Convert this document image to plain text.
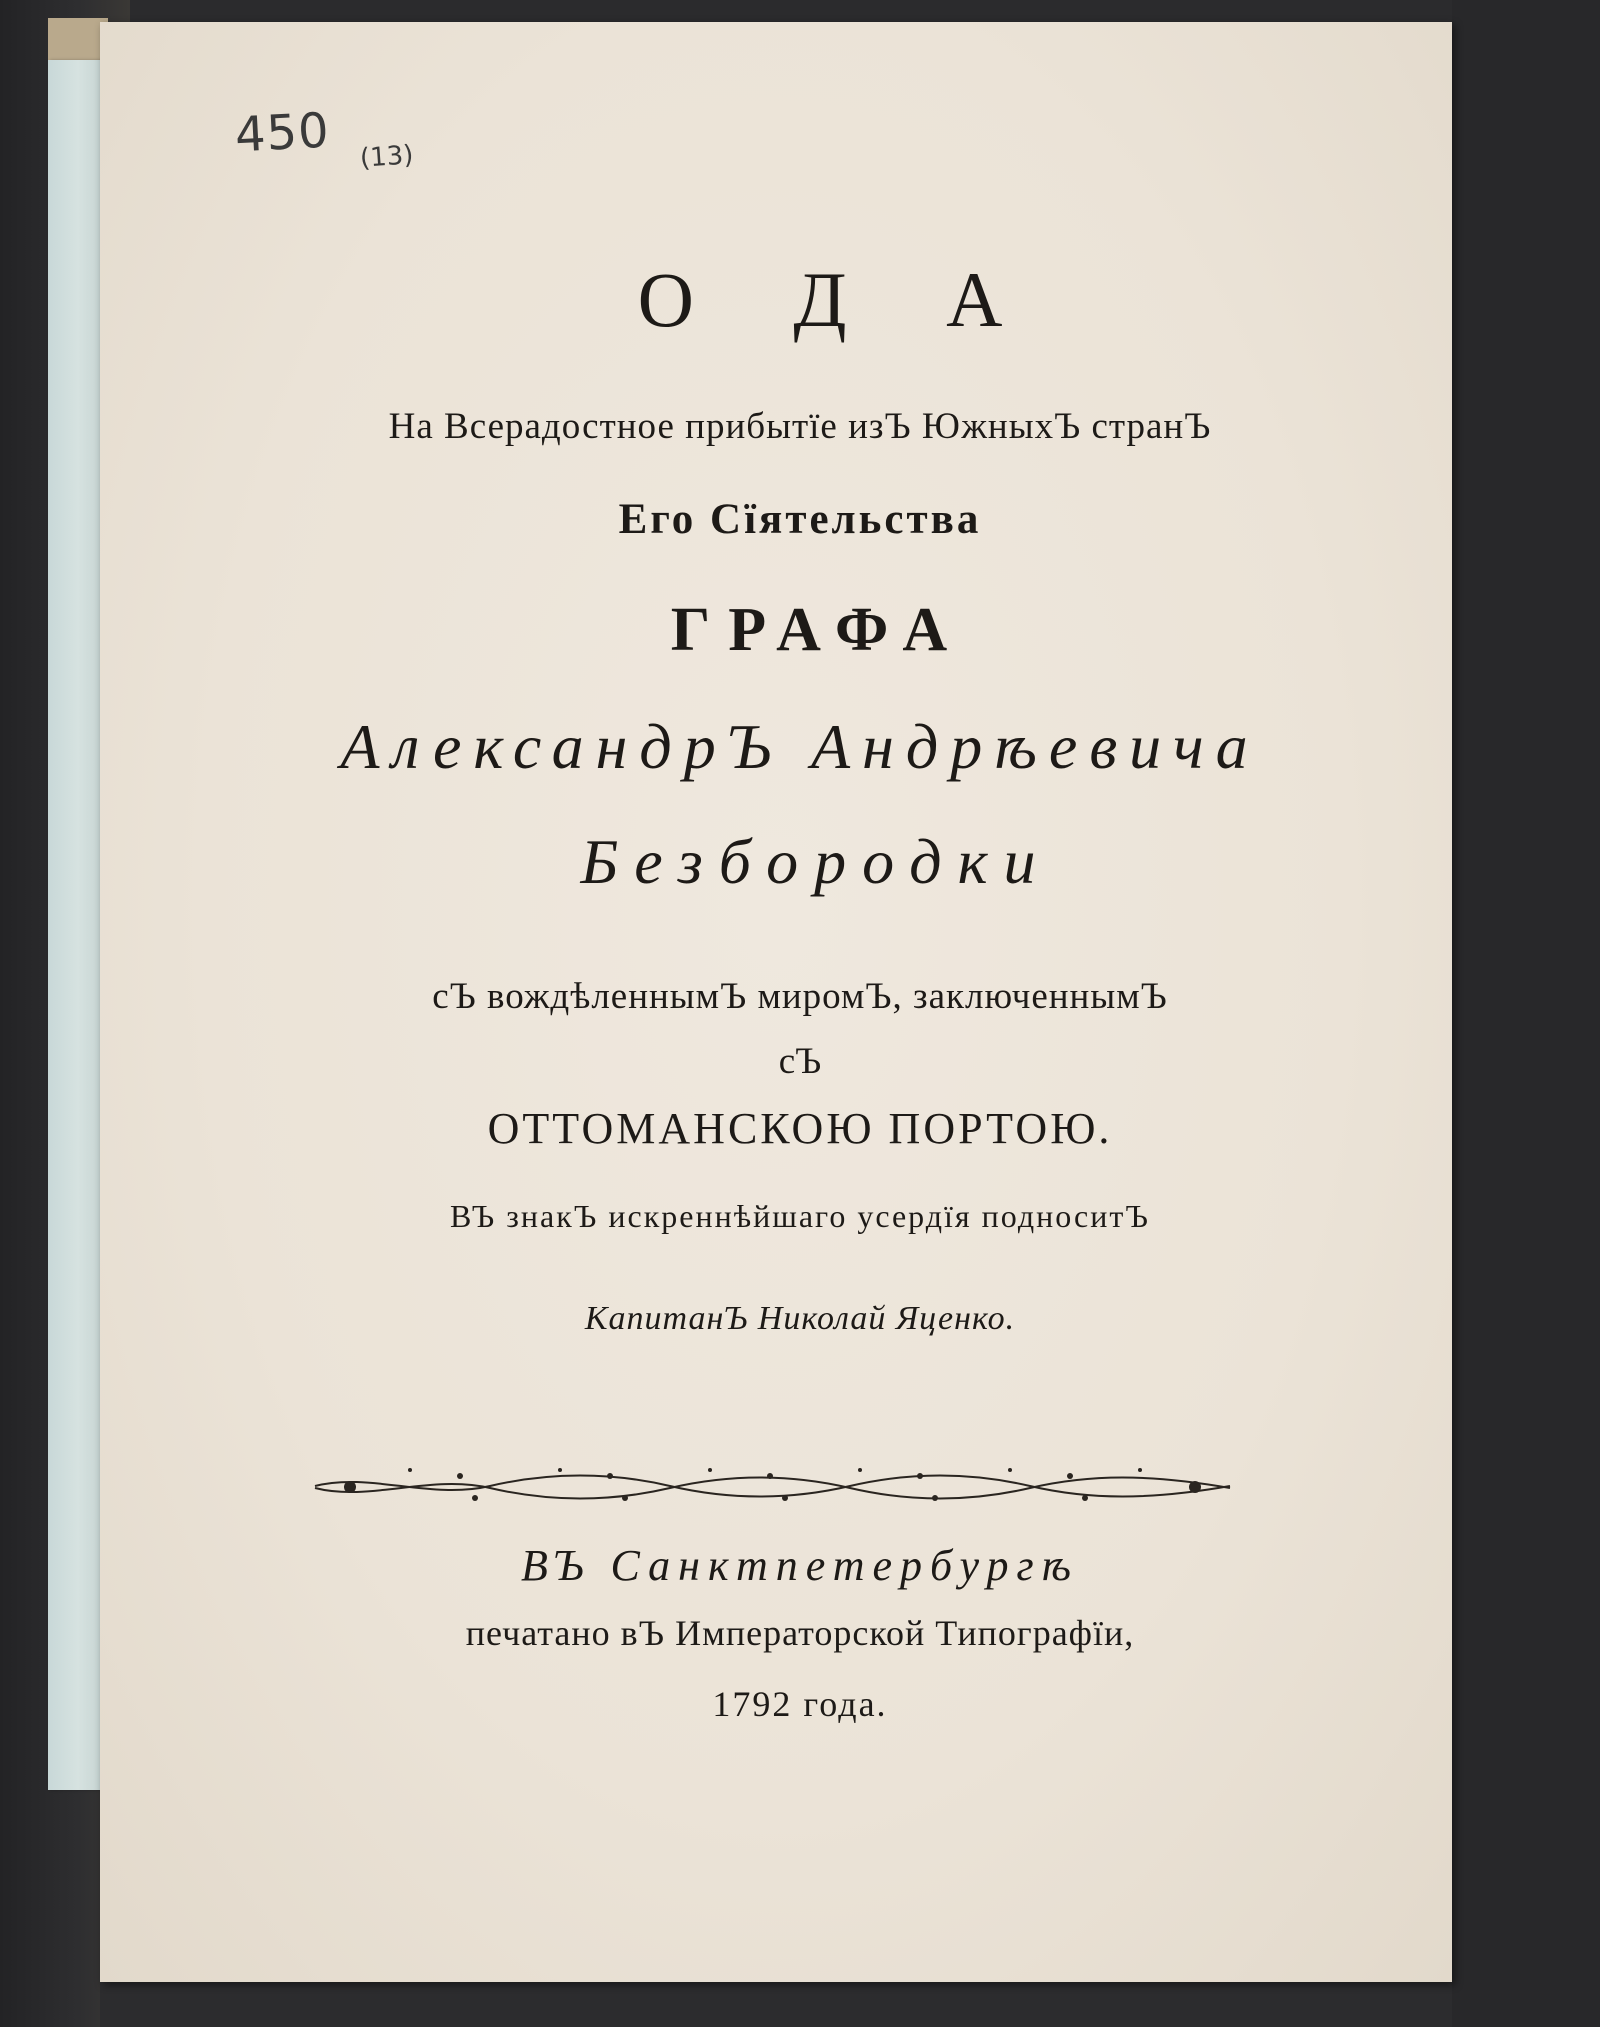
450 (13)
О Д А
На Всерадостное прибытїе изЪ ЮжныхЪ странЪ
Его Сїятельства
ГРАФА
АлександрЪ Андрѣевича
Безбородки
сЪ вождѣленнымЪ миромЪ, заключеннымЪ
сЪ
ОТТОМАНСКОЮ ПОРТОЮ.
ВЪ знакЪ искреннѣйшаго усердїя подноситЪ
КапитанЪ Николай Яценко.
ВЪ Санктпетербургѣ
печатано вЪ Императорской Типографїи,
1792 года.
